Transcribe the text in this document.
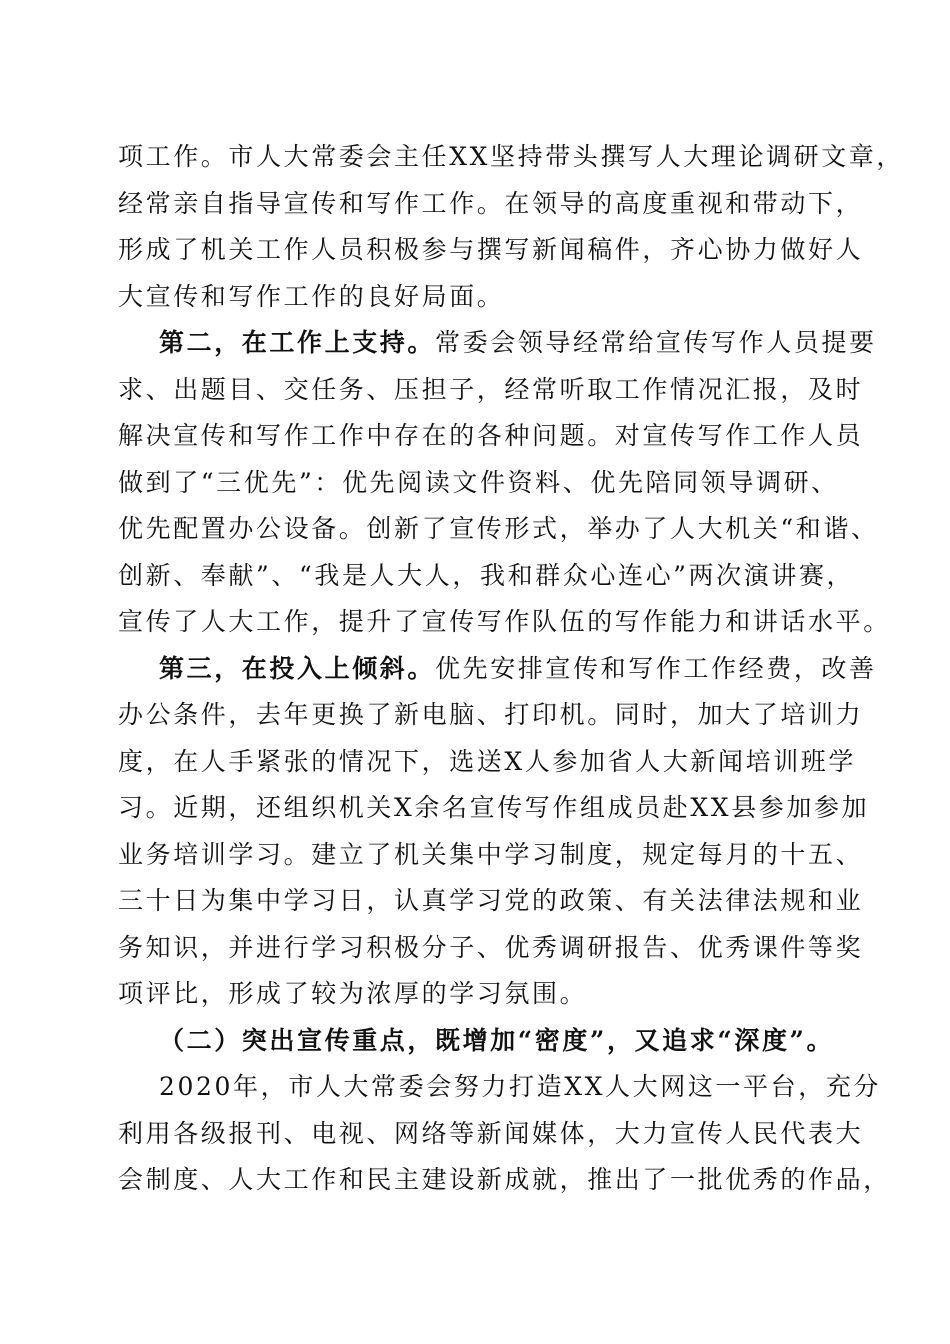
项工作。市人大常委会主任XX坚持带头撰写人大理论调研文章，
经常亲自指导宣传和写作工作。在领导的高度重视和带动下，
形成了机关工作人员积极参与撰写新闻稿件，齐心协力做好人
大宣传和写作工作的良好局面。
第二，在工作上支持。常委会领导经常给宣传写作人员提要
求、出题目、交任务、压担子，经常听取工作情况汇报，及时
解决宣传和写作工作中存在的各种问题。对宣传写作工作人员
做到了“三优先”：优先阅读文件资料、优先陪同领导调研、
优先配置办公设备。创新了宣传形式，举办了人大机关“和谐、
创新、奉献”、“我是人大人，我和群众心连心”两次演讲赛，
宣传了人大工作，提升了宣传写作队伍的写作能力和讲话水平。
第三，在投入上倾斜。优先安排宣传和写作工作经费，改善
办公条件，去年更换了新电脑、打印机。同时，加大了培训力
度，在人手紧张的情况下，选送X人参加省人大新闻培训班学
习。近期，还组织机关X余名宣传写作组成员赴XX县参加参加
业务培训学习。建立了机关集中学习制度，规定每月的十五、
三十日为集中学习日，认真学习党的政策、有关法律法规和业
务知识，并进行学习积极分子、优秀调研报告、优秀课件等奖
项评比，形成了较为浓厚的学习氛围。
（二）突出宣传重点，既增加“密度”，又追求“深度”。
2020年，市人大常委会努力打造XX人大网这一平台，充分
利用各级报刊、电视、网络等新闻媒体，大力宣传人民代表大
会制度、人大工作和民主建设新成就，推出了一批优秀的作品，
